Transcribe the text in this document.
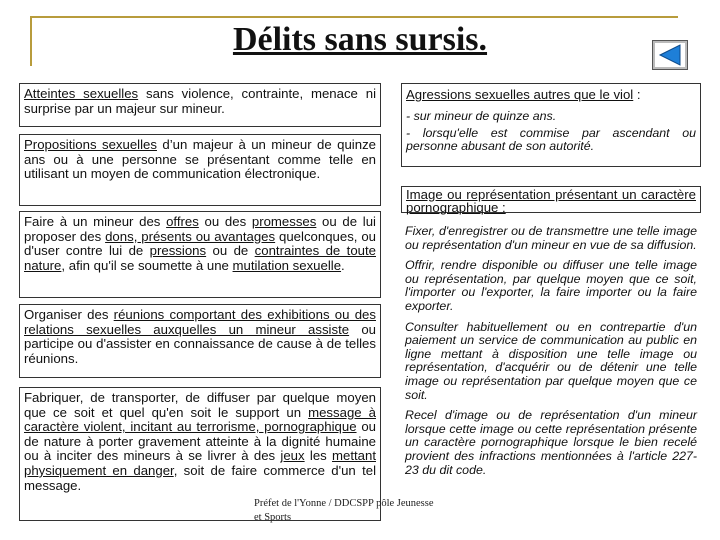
Délits sans sursis.
Atteintes sexuelles sans violence, contrainte, menace ni surprise par un majeur sur mineur.
Propositions sexuelles d’un majeur à un mineur de quinze ans ou à une personne se présentant comme telle en utilisant un moyen de communication électronique.
Faire à un mineur des offres ou des promesses ou de lui proposer des dons, présents ou avantages quelconques, ou d'user contre lui de pressions ou de contraintes de toute nature, afin qu'il se soumette à une mutilation sexuelle.
Organiser des réunions comportant des exhibitions ou des relations sexuelles auxquelles un mineur assiste ou participe ou d'assister en connaissance de cause à de telles réunions.
Fabriquer, de transporter, de diffuser par quelque moyen que ce soit et quel qu'en soit le support un message à caractère violent, incitant au terrorisme, pornographique ou de nature à porter gravement atteinte à la dignité humaine ou à inciter des mineurs à se livrer à des jeux les mettant physiquement en danger, soit de faire commerce d'un tel message.
Agressions sexuelles autres que le viol :
- sur mineur de quinze ans.
- lorsqu'elle est commise par ascendant ou personne abusant de son autorité.
Image ou représentation présentant un caractère pornographique :
Fixer, d'enregistrer ou de transmettre une telle image ou représentation d'un mineur en vue de sa diffusion.
Offrir, rendre disponible ou diffuser une telle image ou représentation, par quelque moyen que ce soit, l'importer ou l'exporter, la faire importer ou la faire exporter.
Consulter habituellement ou en contrepartie d'un paiement un service de communication au public en ligne mettant à disposition une telle image ou représentation, d'acquérir ou de détenir une telle image ou représentation par quelque moyen que ce soit.
Recel d'image ou de représentation d'un mineur lorsque cette image ou cette représentation présente un caractère pornographique lorsque le bien recelé provient des infractions mentionnées à l'article 227-23 du dit code.
Préfet de l'Yonne / DDCSPP pôle Jeunesse
et Sports
